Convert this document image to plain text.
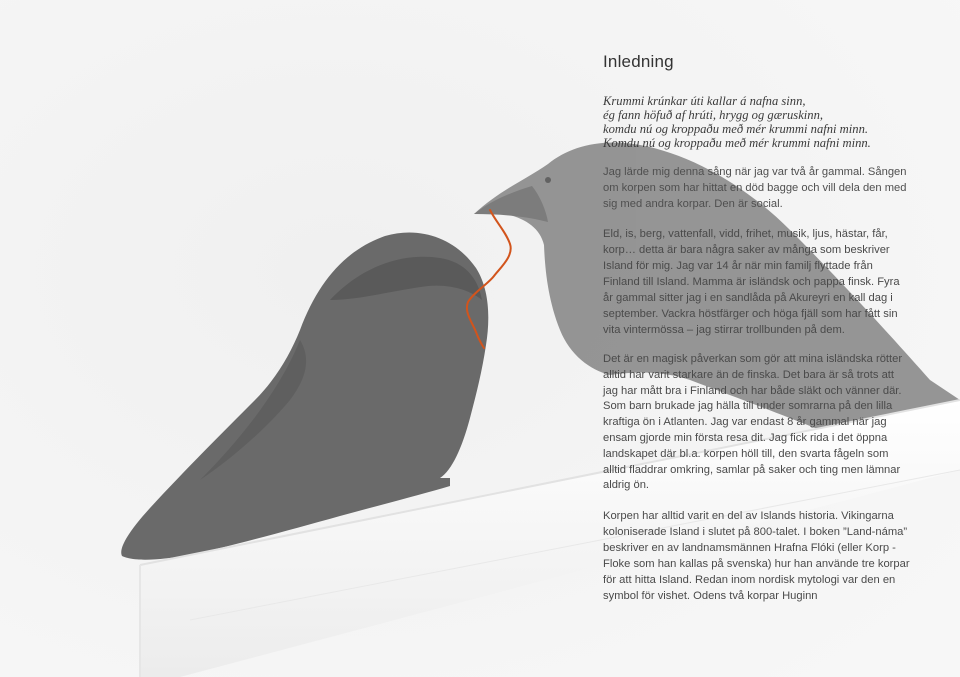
Inledning
Krummi krúnkar úti kallar á nafna sinn,
ég fann höfuð af hrúti, hrygg og gæruskinn,
komdu nú og kroppaðu með mér krummi nafni minn.
Komdu nú og kroppaðu með mér krummi nafni minn.

Jag lärde mig denna sång när jag var två år gammal. Sången om korpen som har hittat en död bagge och vill dela den med sig med andra korpar. Den är social.

Eld, is, berg, vattenfall, vidd, frihet, musik, ljus, hästar, får, korp… detta är bara några saker av många som beskriver Island för mig. Jag var 14 år när min familj flyttade från Finland till Island. Mamma är isländsk och pappa finsk. Fyra år gammal sitter jag i en sandlåda på Akureyri en kall dag i september. Vackra höstfärger och höga fjäll som har fått sin vita vintermössa – jag stirrar trollbunden på dem.

Det är en magisk påverkan som gör att mina isländska rötter alltid har varit starkare än de finska. Det bara är så trots att jag har mått bra i Finland och har både släkt och vänner där. Som barn brukade jag hälla till under somrarna på den lilla kraftiga ön i Atlanten. Jag var endast 8 år gammal när jag ensam gjorde min första resa dit. Jag fick rida i det öppna landskapet där bl.a. korpen höll till, den svarta fågeln som alltid fladdrar omkring, samlar på saker och ting men lämnar aldrig ön.

Korpen har alltid varit en del av Islands historia. Vikingarna koloniserade Island i slutet på 800-talet. I boken ”Land-náma” beskriver en av landnamsmännen Hrafna Flóki (eller Korp - Floke som han kallas på svenska) hur han använde tre korpar för att hitta Island. Redan inom nordisk mytologi var den en symbol för vishet. Odens två korpar Huginn
